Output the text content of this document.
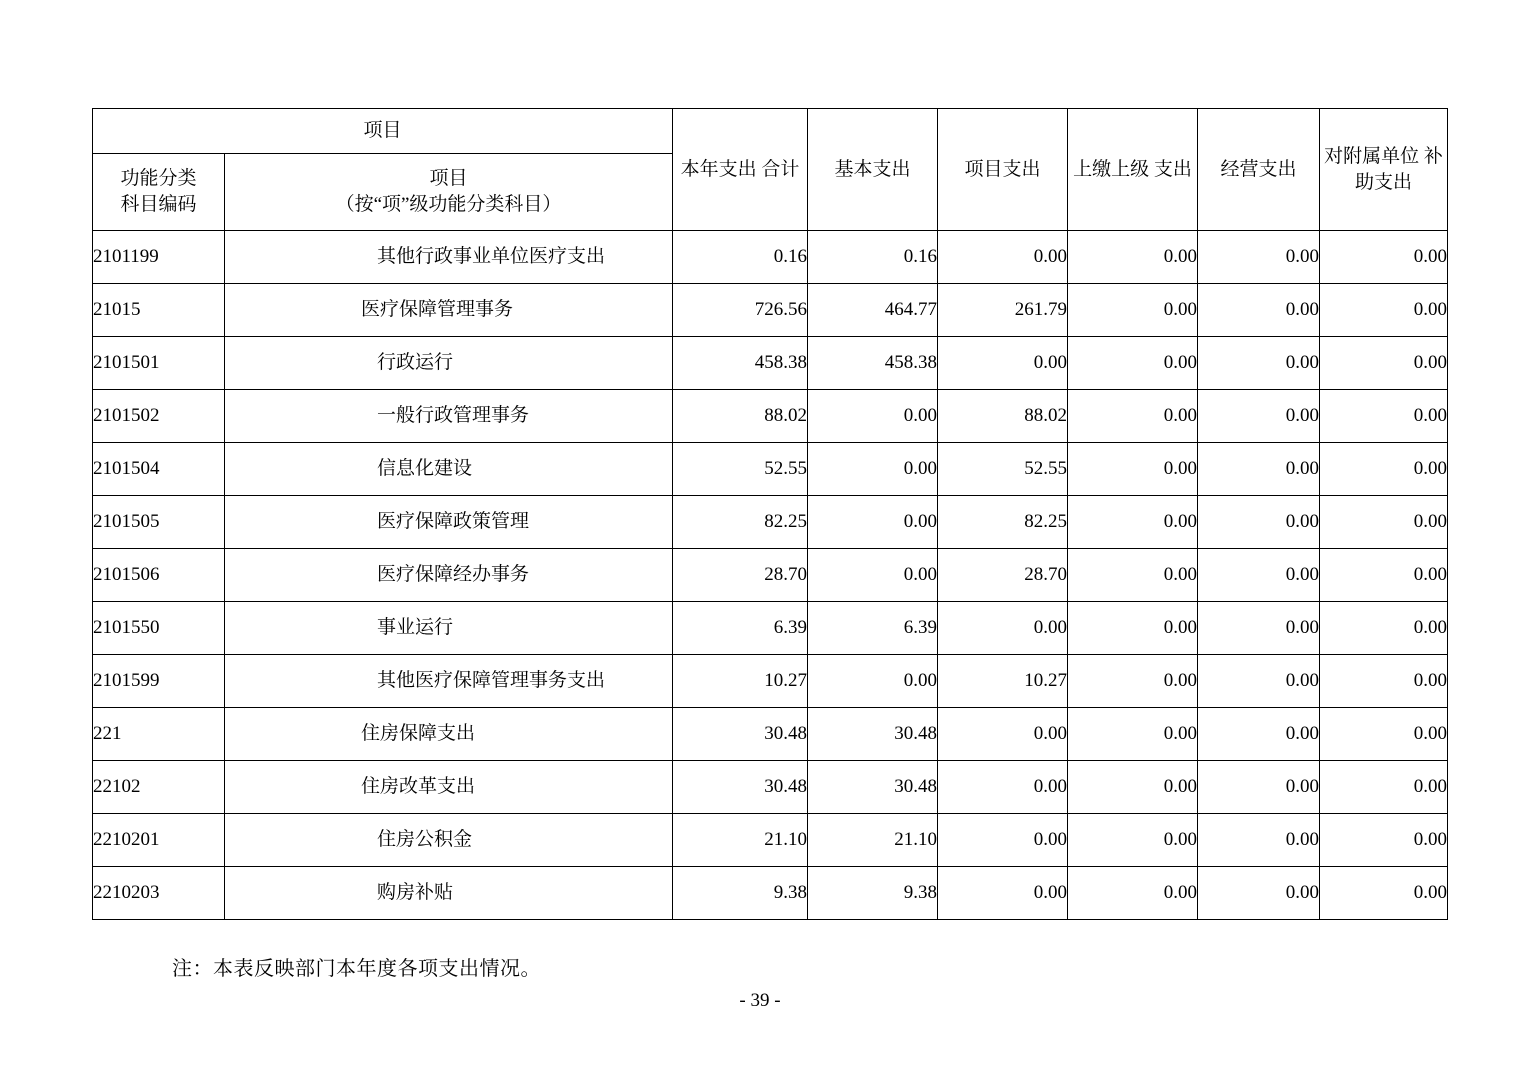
项目		本年支出 合计	基本支出	项目支出	上缴上级 支出	经营支出	对附属单位 补助支出

功能分类
科目编码	项目
（按“项”级功能分类科目）						

2101199	其他行政事业单位医疗支出	0.16	0.16	0.00	0.00	0.00	0.00
21015	医疗保障管理事务	726.56	464.77	261.79	0.00	0.00	0.00
2101501	行政运行	458.38	458.38	0.00	0.00	0.00	0.00
2101502	一般行政管理事务	88.02	0.00	88.02	0.00	0.00	0.00
2101504	信息化建设	52.55	0.00	52.55	0.00	0.00	0.00
2101505	医疗保障政策管理	82.25	0.00	82.25	0.00	0.00	0.00
2101506	医疗保障经办事务	28.70	0.00	28.70	0.00	0.00	0.00
2101550	事业运行	6.39	6.39	0.00	0.00	0.00	0.00
2101599	其他医疗保障管理事务支出	10.27	0.00	10.27	0.00	0.00	0.00
221	住房保障支出	30.48	30.48	0.00	0.00	0.00	0.00
22102	住房改革支出	30.48	30.48	0.00	0.00	0.00	0.00
2210201	住房公积金	21.10	21.10	0.00	0.00	0.00	0.00
2210203	购房补贴	9.38	9.38	0.00	0.00	0.00	0.00
注：本表反映部门本年度各项支出情况。
- 39 -
